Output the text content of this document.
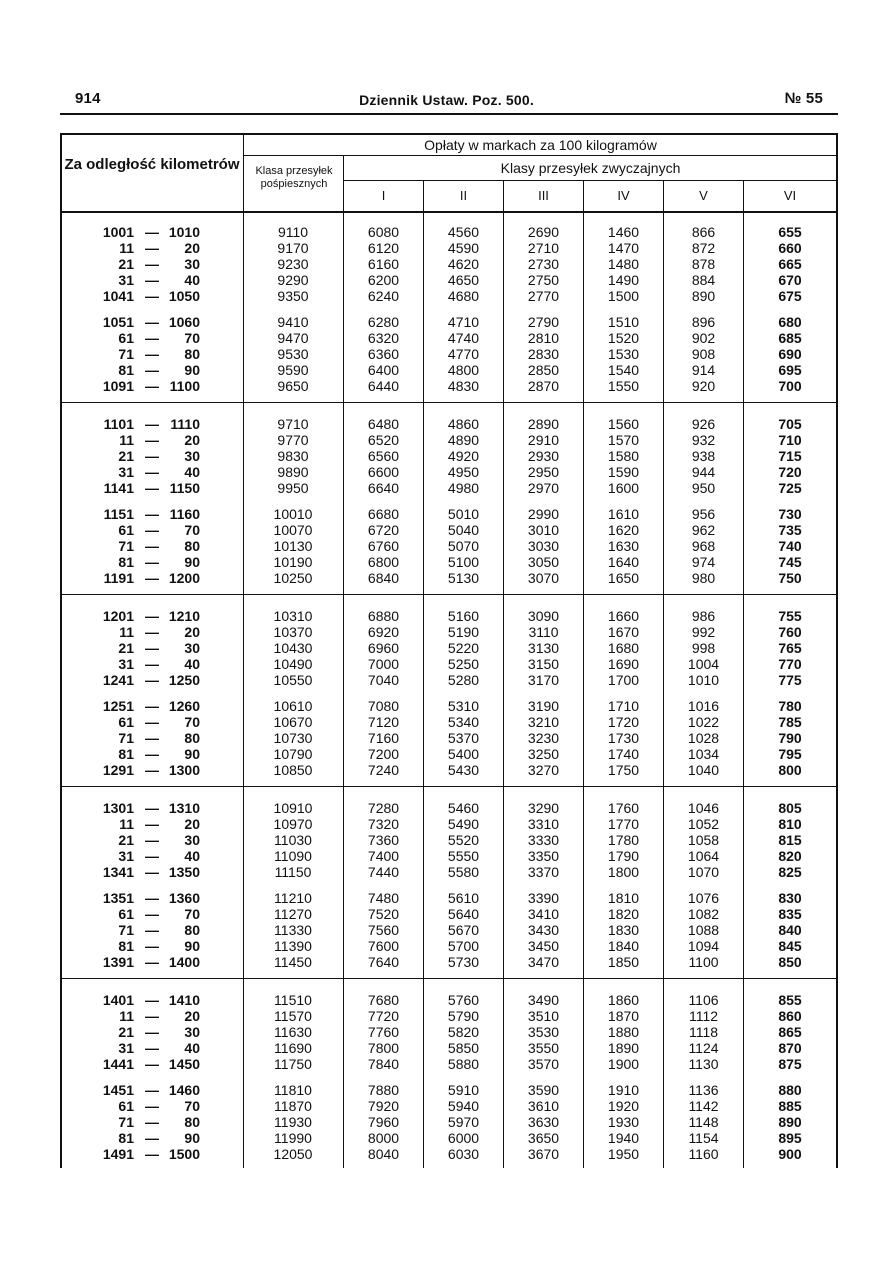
914	Dziennik Ustaw. Poz. 500.	№ 55
Za odległość kilometrów
Opłaty w markach za 100 kilogramów
Klasa przesyłek pośpiesznych
Klasy przesyłek zwyczajnych
I	II	III	IV	V	VI
1001 — 1010	9110	6080	4560	2690	1460	866	655
11 — 20	9170	6120	4590	2710	1470	872	660
21 — 30	9230	6160	4620	2730	1480	878	665
31 — 40	9290	6200	4650	2750	1490	884	670
1041 — 1050	9350	6240	4680	2770	1500	890	675
1051 — 1060	9410	6280	4710	2790	1510	896	680
61 — 70	9470	6320	4740	2810	1520	902	685
71 — 80	9530	6360	4770	2830	1530	908	690
81 — 90	9590	6400	4800	2850	1540	914	695
1091 — 1100	9650	6440	4830	2870	1550	920	700
1101 — 1110	9710	6480	4860	2890	1560	926	705
11 — 20	9770	6520	4890	2910	1570	932	710
21 — 30	9830	6560	4920	2930	1580	938	715
31 — 40	9890	6600	4950	2950	1590	944	720
1141 — 1150	9950	6640	4980	2970	1600	950	725
1151 — 1160	10010	6680	5010	2990	1610	956	730
61 — 70	10070	6720	5040	3010	1620	962	735
71 — 80	10130	6760	5070	3030	1630	968	740
81 — 90	10190	6800	5100	3050	1640	974	745
1191 — 1200	10250	6840	5130	3070	1650	980	750
1201 — 1210	10310	6880	5160	3090	1660	986	755
11 — 20	10370	6920	5190	3110	1670	992	760
21 — 30	10430	6960	5220	3130	1680	998	765
31 — 40	10490	7000	5250	3150	1690	1004	770
1241 — 1250	10550	7040	5280	3170	1700	1010	775
1251 — 1260	10610	7080	5310	3190	1710	1016	780
61 — 70	10670	7120	5340	3210	1720	1022	785
71 — 80	10730	7160	5370	3230	1730	1028	790
81 — 90	10790	7200	5400	3250	1740	1034	795
1291 — 1300	10850	7240	5430	3270	1750	1040	800
1301 — 1310	10910	7280	5460	3290	1760	1046	805
11 — 20	10970	7320	5490	3310	1770	1052	810
21 — 30	11030	7360	5520	3330	1780	1058	815
31 — 40	11090	7400	5550	3350	1790	1064	820
1341 — 1350	11150	7440	5580	3370	1800	1070	825
1351 — 1360	11210	7480	5610	3390	1810	1076	830
61 — 70	11270	7520	5640	3410	1820	1082	835
71 — 80	11330	7560	5670	3430	1830	1088	840
81 — 90	11390	7600	5700	3450	1840	1094	845
1391 — 1400	11450	7640	5730	3470	1850	1100	850
1401 — 1410	11510	7680	5760	3490	1860	1106	855
11 — 20	11570	7720	5790	3510	1870	1112	860
21 — 30	11630	7760	5820	3530	1880	1118	865
31 — 40	11690	7800	5850	3550	1890	1124	870
1441 — 1450	11750	7840	5880	3570	1900	1130	875
1451 — 1460	11810	7880	5910	3590	1910	1136	880
61 — 70	11870	7920	5940	3610	1920	1142	885
71 — 80	11930	7960	5970	3630	1930	1148	890
81 — 90	11990	8000	6000	3650	1940	1154	895
1491 — 1500	12050	8040	6030	3670	1950	1160	900
